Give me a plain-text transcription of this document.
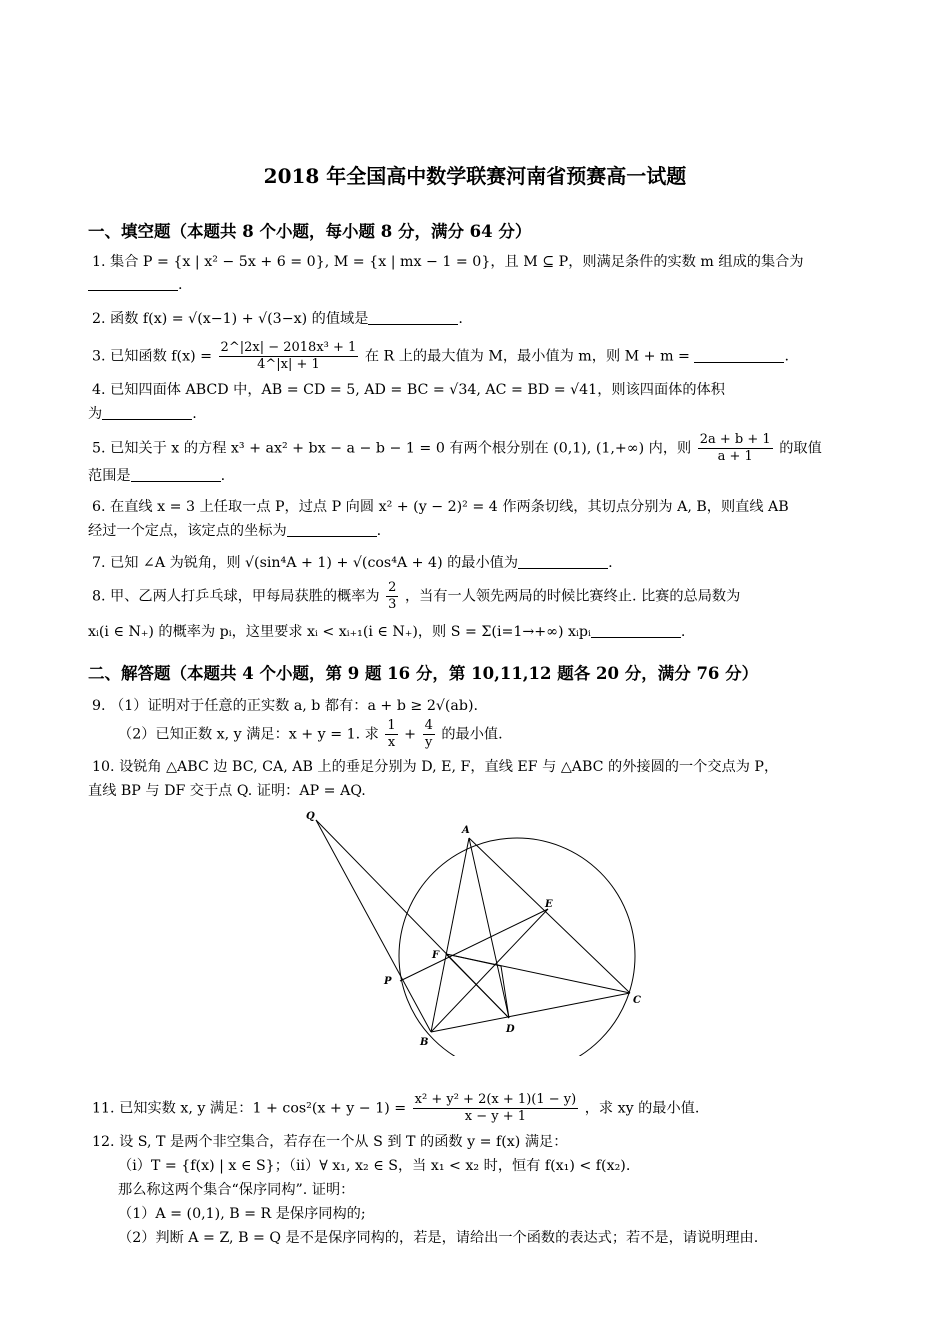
2018 年全国高中数学联赛河南省预赛高一试题
一、填空题（本题共 8 个小题，每小题 8 分，满分 64 分）
1. 集合 P = {x | x² − 5x + 6 = 0}, M = {x | mx − 1 = 0}，且 M ⊆ P，则满足条件的实数 m 组成的集合为
.
2. 函数 f(x) = √(x−1) + √(3−x) 的值域是	.
3. 已知函数 $f(x) = \frac{\text{2\textasciicircum{}|2x| − 2018x³ + 1}}{4\^{}|x| + 1}$ 在 R 上的最大值为 M，最小值为 m，则 M + m =	.
4. 已知四面体 ABCD 中，AB = CD = 5, AD = BC = √34, AC = BD = √41，则该四面体的体积
为	.
5. 已知关于 x 的方程 x³ + ax² + bx − a − b − 1 = 0 有两个根分别在 (0,1), (1,+∞) 内，则 $\frac{2a + b + 1}{a + 1}$ 的取值
范围是	.
6. 在直线 x = 3 上任取一点 P，过点 P 向圆 x² + (y − 2)² = 4 作两条切线，其切点分别为 A, B，则直线 AB
经过一个定点，该定点的坐标为	.
7. 已知 ∠A 为锐角，则 √(sin⁴A + 1) + √(cos⁴A + 4) 的最小值为	.
8. 甲、乙两人打乒乓球，甲每局获胜的概率为 $\frac{2}{3}$ ，当有一人领先两局的时候比赛终止. 比赛的总局数为
xᵢ(i ∈ N₊) 的概率为 pᵢ，这里要求 xᵢ < xᵢ₊₁(i ∈ N₊)，则 S = Σ(i=1→+∞) xᵢpᵢ	.
二、解答题（本题共 4 个小题，第 9 题 16 分，第 10,11,12 题各 20 分，满分 76 分）
9. （1）证明对于任意的正实数 a, b 都有：a + b ≥ 2√(ab).
（2）已知正数 x, y 满足：x + y = 1. 求 $\frac{1}{x} + \frac{4}{y}$ 的最小值.
10. 设锐角 △ABC 边 BC, CA, AB 上的垂足分别为 D, E, F，直线 EF 与 △ABC 的外接圆的一个交点为 P，
直线 BP 与 DF 交于点 Q. 证明：AP = AQ.
Q
A
E
F
P
C
D
B
11. 已知实数 x, y 满足：$1 + \cos^2(x + y - 1) = \frac{\text{x² + y² + 2(x + 1)(1 − y)}}{x - y + 1}$ ，求 xy 的最小值.
12. 设 S, T 是两个非空集合，若存在一个从 S 到 T 的函数 y = f(x) 满足：
（i）T = {f(x) | x ∈ S}；（ii）∀ x₁, x₂ ∈ S，当 x₁ < x₂ 时，恒有 f(x₁) < f(x₂).
那么称这两个集合“保序同构”. 证明：
（1）A = (0,1), B = R 是保序同构的;
（2）判断 A = Z, B = Q 是不是保序同构的，若是，请给出一个函数的表达式；若不是，请说明理由.
